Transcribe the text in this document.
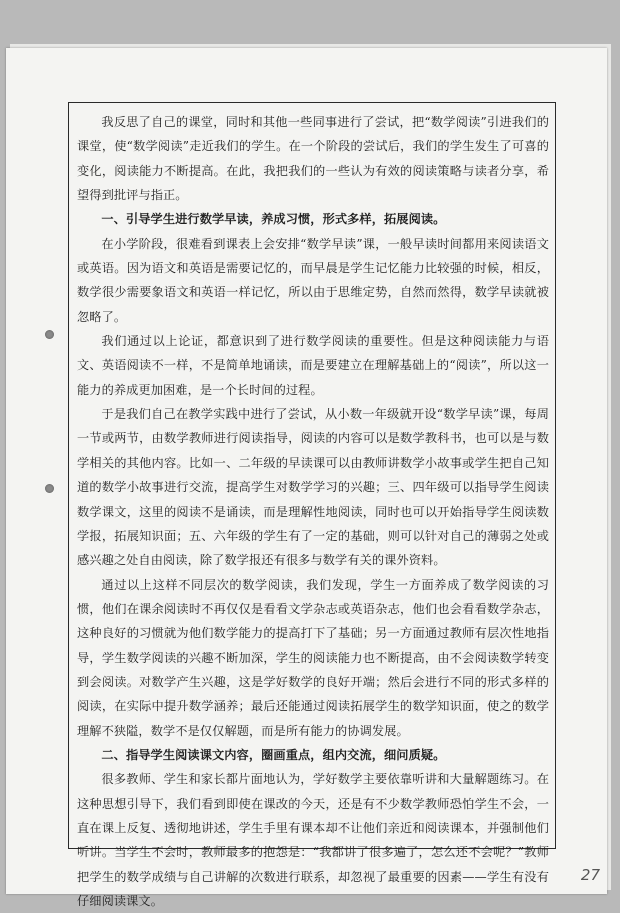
我反思了自己的课堂，同时和其他一些同事进行了尝试，把“数学阅读”引进我们的课堂，使“数学阅读”走近我们的学生。在一个阶段的尝试后，我们的学生发生了可喜的变化，阅读能力不断提高。在此，我把我们的一些认为有效的阅读策略与读者分享，希望得到批评与指正。

一、引导学生进行数学早读，养成习惯，形式多样，拓展阅读。

在小学阶段，很难看到课表上会安排“数学早读”课，一般早读时间都用来阅读语文或英语。因为语文和英语是需要记忆的，而早晨是学生记忆能力比较强的时候，相反，数学很少需要象语文和英语一样记忆，所以由于思维定势，自然而然得，数学早读就被忽略了。

我们通过以上论证，都意识到了进行数学阅读的重要性。但是这种阅读能力与语文、英语阅读不一样，不是简单地诵读，而是要建立在理解基础上的“阅读”，所以这一能力的养成更加困难，是一个长时间的过程。

于是我们自己在教学实践中进行了尝试，从小数一年级就开设“数学早读”课，每周一节或两节，由数学教师进行阅读指导，阅读的内容可以是数学教科书，也可以是与数学相关的其他内容。比如一、二年级的早读课可以由教师讲数学小故事或学生把自己知道的数学小故事进行交流，提高学生对数学学习的兴趣；三、四年级可以指导学生阅读数学课文，这里的阅读不是诵读，而是理解性地阅读，同时也可以开始指导学生阅读数学报，拓展知识面；五、六年级的学生有了一定的基础，则可以针对自己的薄弱之处或感兴趣之处自由阅读，除了数学报还有很多与数学有关的课外资料。

通过以上这样不同层次的数学阅读，我们发现，学生一方面养成了数学阅读的习惯，他们在课余阅读时不再仅仅是看看文学杂志或英语杂志，他们也会看看数学杂志，这种良好的习惯就为他们数学能力的提高打下了基础；另一方面通过教师有层次性地指导，学生数学阅读的兴趣不断加深，学生的阅读能力也不断提高，由不会阅读数学转变到会阅读。对数学产生兴趣，这是学好数学的良好开端；然后会进行不同的形式多样的阅读，在实际中提升数学涵养；最后还能通过阅读拓展学生的数学知识面，使之的数学理解不狭隘，数学不是仅仅解题，而是所有能力的协调发展。

二、指导学生阅读课文内容，圈画重点，组内交流，细问质疑。

很多教师、学生和家长都片面地认为，学好数学主要依靠听讲和大量解题练习。在这种思想引导下，我们看到即使在课改的今天，还是有不少数学教师恐怕学生不会，一直在课上反复、透彻地讲述，学生手里有课本却不让他们亲近和阅读课本，并强制他们听讲。当学生不会时，教师最多的抱怨是：“我都讲了很多遍了，怎么还不会呢？”教师把学生的数学成绩与自己讲解的次数进行联系，却忽视了最重要的因素——学生有没有仔细阅读课文。

27
